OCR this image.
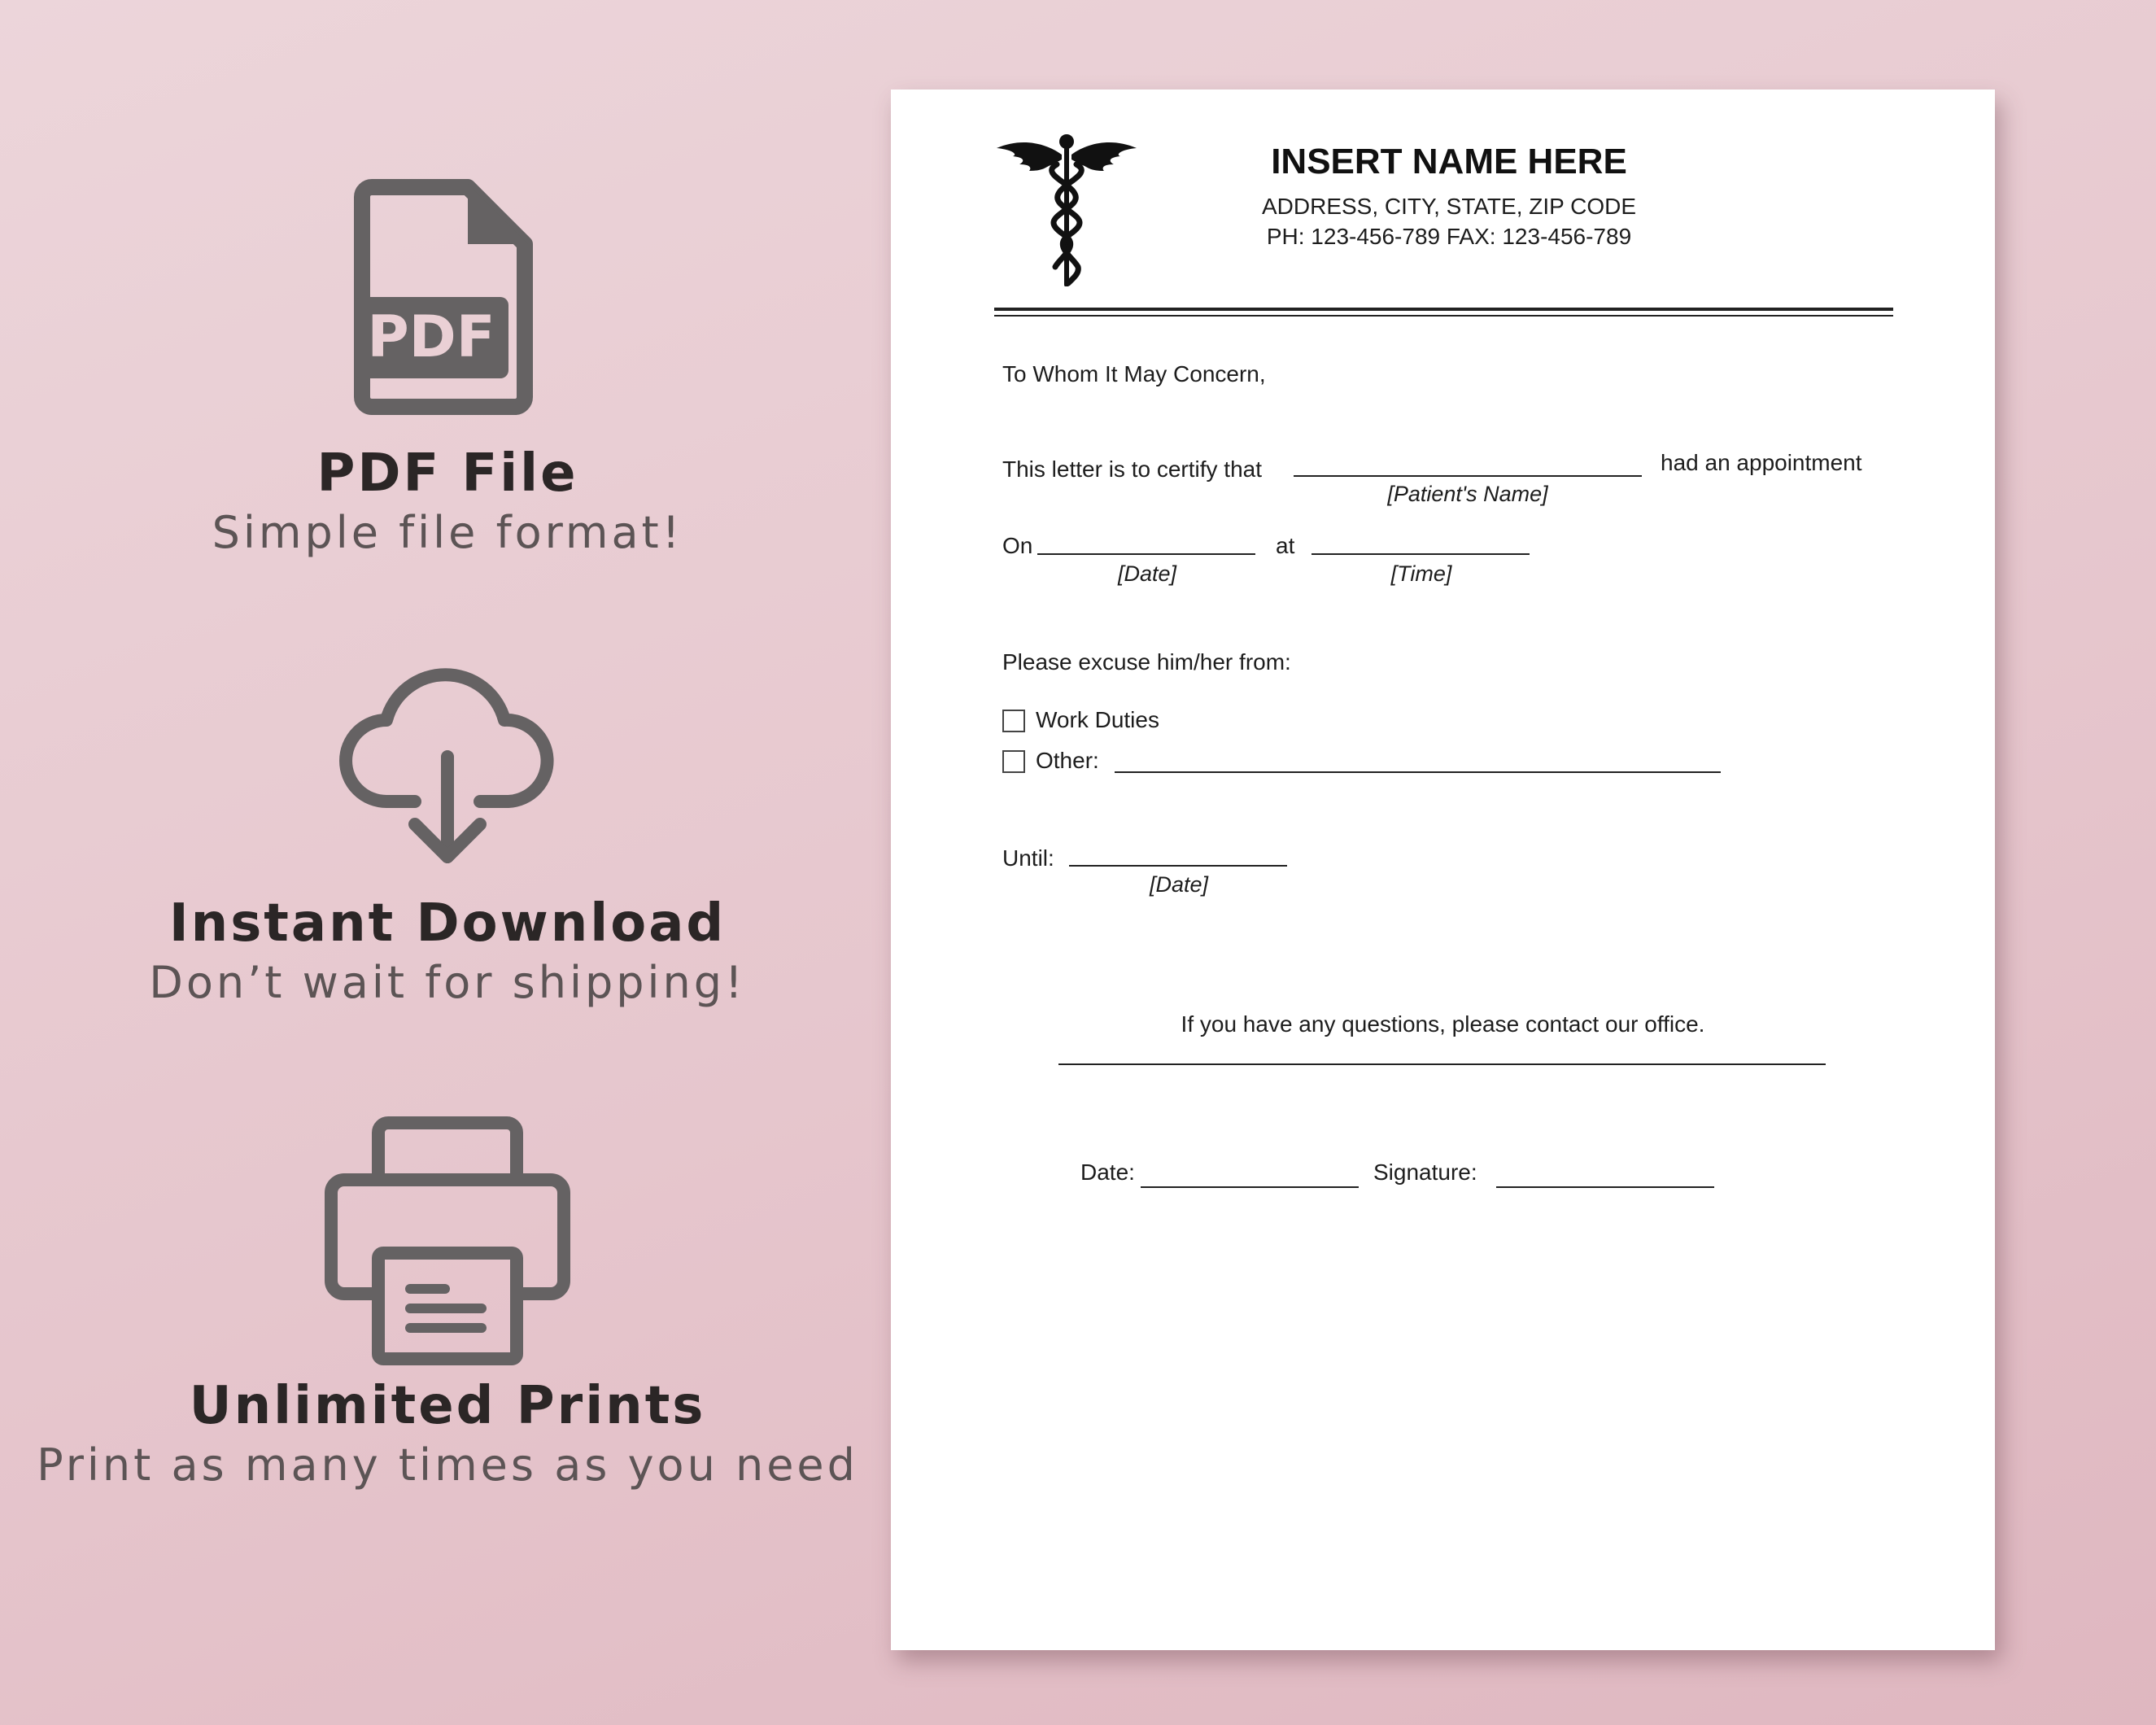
PDF
PDF File
Simple file format!
Instant Download
Don’t wait for shipping!
Unlimited Prints
Print as many times as you need
INSERT NAME HERE
ADDRESS, CITY, STATE, ZIP CODE
PH: 123-456-789 FAX: 123-456-789
To Whom It May Concern,
This letter is to certify that
[Patient's Name]
had an appointment
On
[Date]
at
[Time]
Please excuse him/her from:
Work Duties
Other:
Until:
[Date]
If you have any questions, please contact our office.
Date:	Signature:
